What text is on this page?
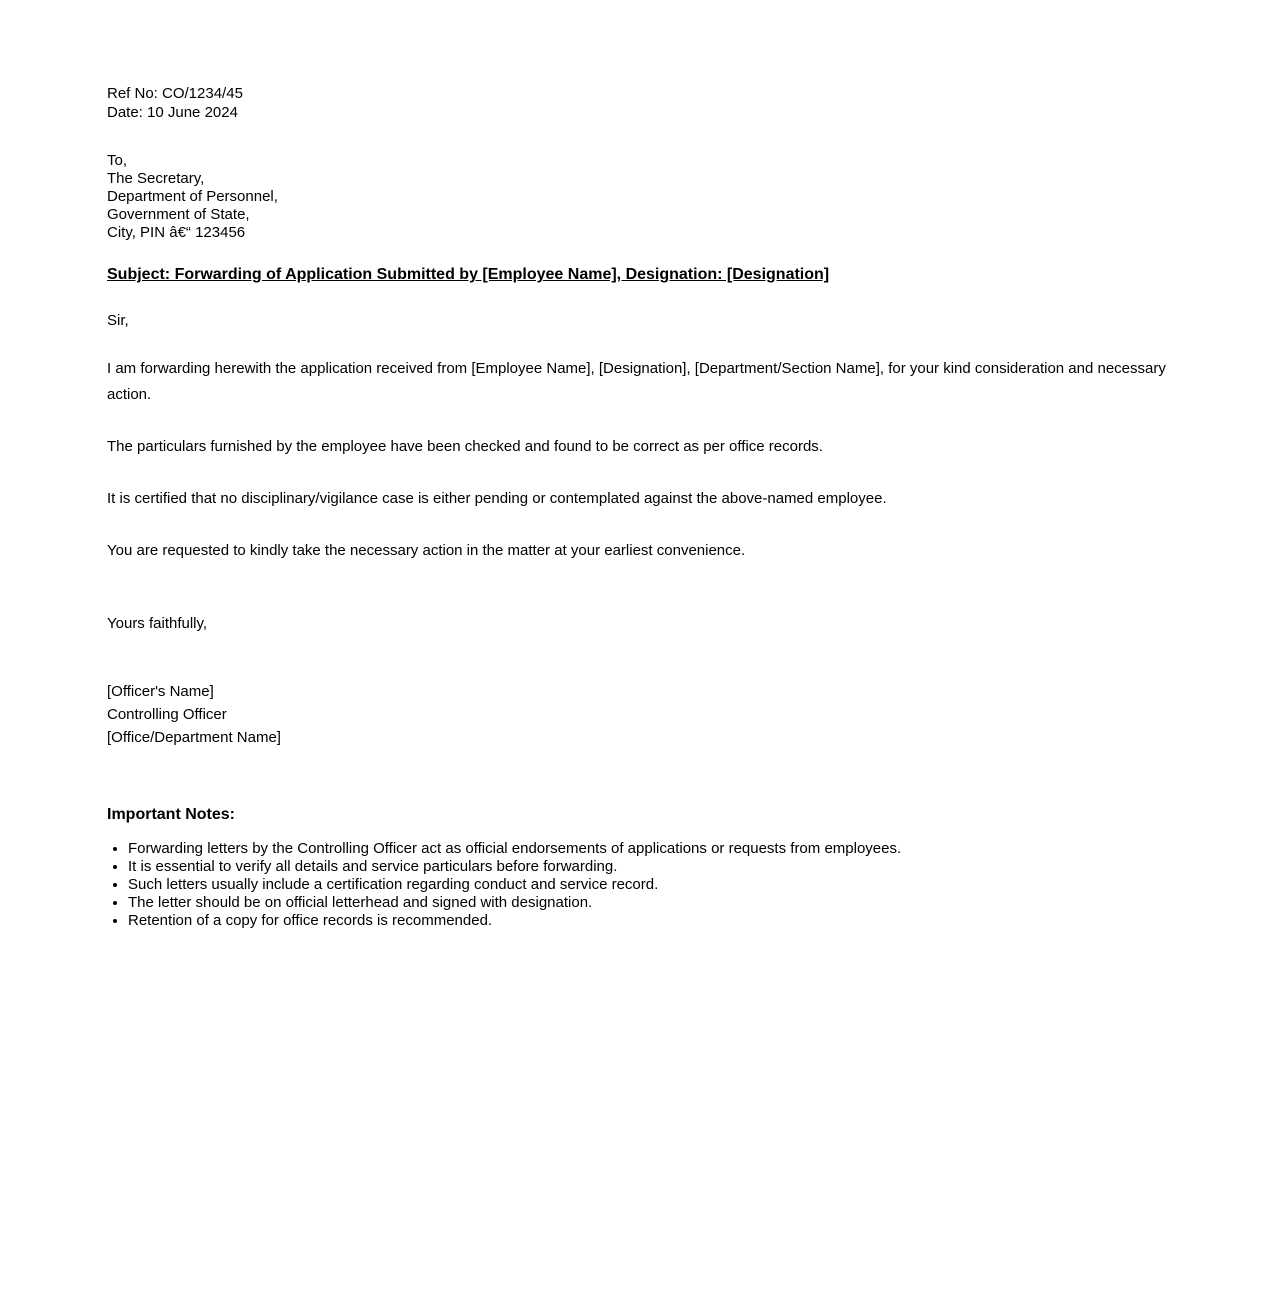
Ref No: CO/1234/45
Date: 10 June 2024
To,
The Secretary,
Department of Personnel,
Government of State,
City, PIN â€“ 123456

Subject: Forwarding of Application Submitted by [Employee Name], Designation: [Designation]

Sir,

I am forwarding herewith the application received from [Employee Name], [Designation], [Department/Section Name], for your kind consideration and necessary action.

The particulars furnished by the employee have been checked and found to be correct as per office records.

It is certified that no disciplinary/vigilance case is either pending or contemplated against the above-named employee.

You are requested to kindly take the necessary action in the matter at your earliest convenience.

Yours faithfully,

[Officer's Name]
Controlling Officer
[Office/Department Name]

Important Notes:

• Forwarding letters by the Controlling Officer act as official endorsements of applications or requests from employees.
• It is essential to verify all details and service particulars before forwarding.
• Such letters usually include a certification regarding conduct and service record.
• The letter should be on official letterhead and signed with designation.
• Retention of a copy for office records is recommended.
